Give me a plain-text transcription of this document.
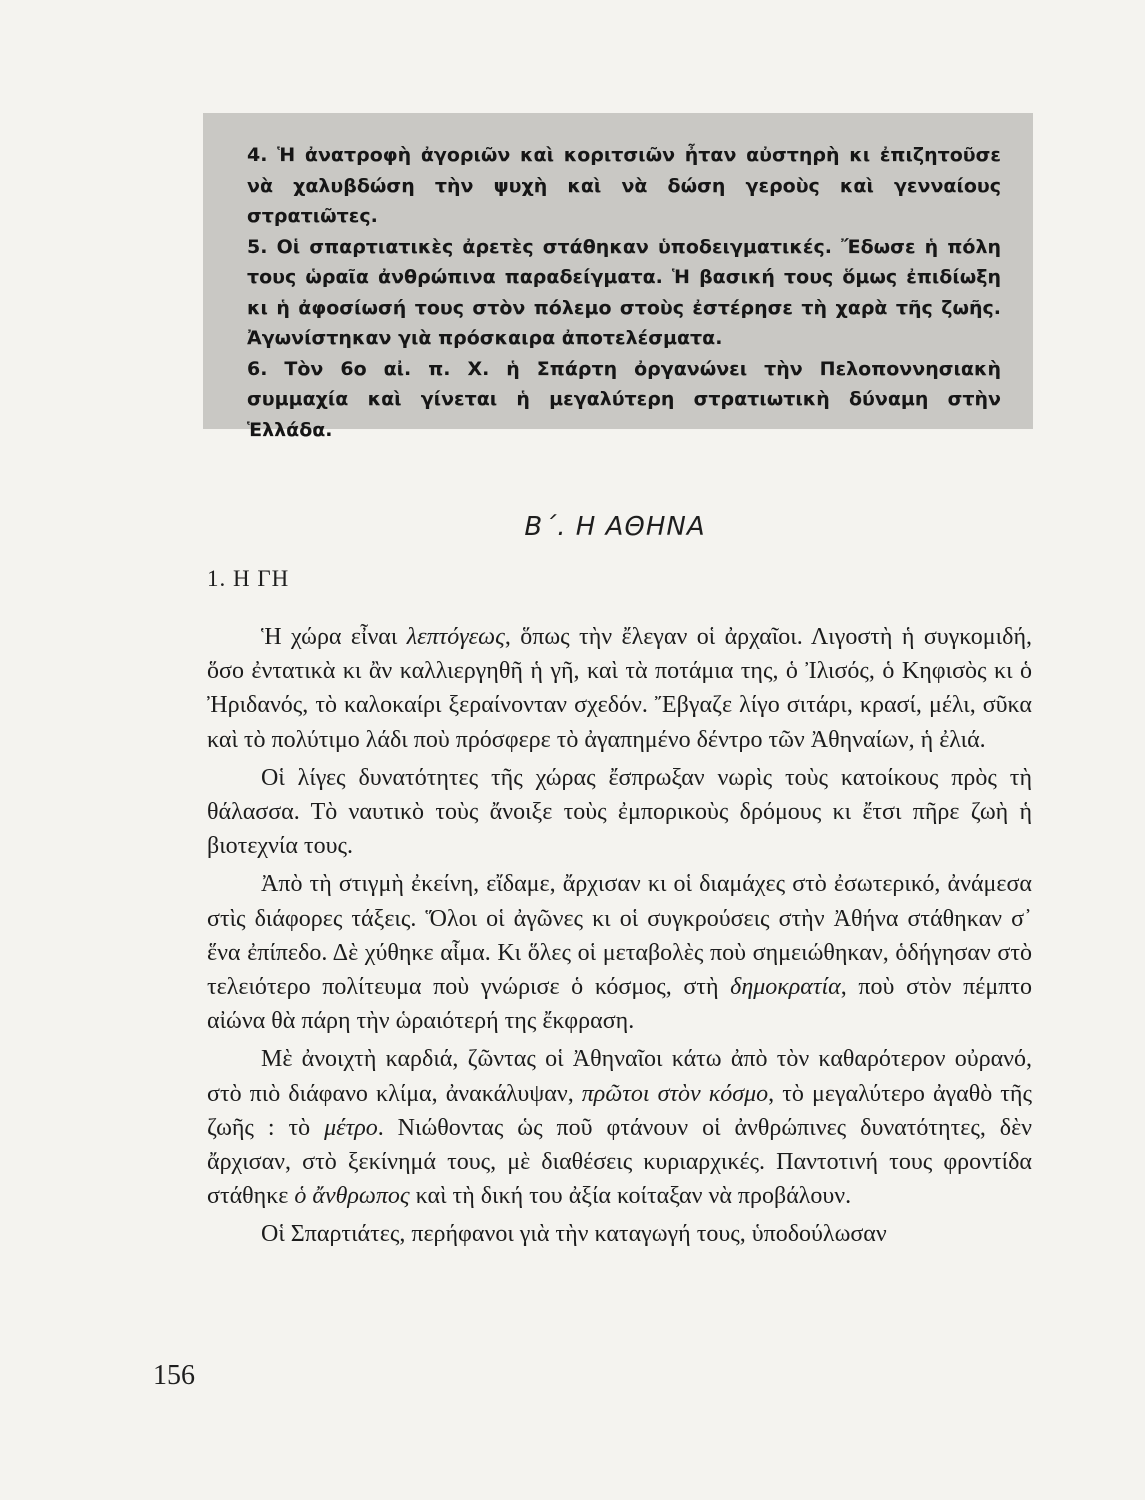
4. Ἡ ἀνατροφὴ ἀγοριῶν καὶ κοριτσιῶν ἦταν αὐστηρὴ κι ἐπιζητοῦσε νὰ χαλυβδώση τὴν ψυχὴ καὶ νὰ δώση γεροὺς καὶ γενναίους στρατιῶτες.

5. Οἱ σπαρτιατικὲς ἀρετὲς στάθηκαν ὑποδειγματικές. Ἔδωσε ἡ πόλη τους ὡραῖα ἀνθρώπινα παραδείγματα. Ἡ βασική τους ὅμως ἐπιδίωξη κι ἡ ἀφοσίωσή τους στὸν πόλεμο στοὺς ἐστέρησε τὴ χαρὰ τῆς ζωῆς. Ἀγωνίστηκαν γιὰ πρόσκαιρα ἀποτελέσματα.

6. Τὸν 6ο αἰ. π. Χ. ἡ Σπάρτη ὀργανώνει τὴν Πελοποννησιακὴ συμμαχία καὶ γίνεται ἡ μεγαλύτερη στρατιωτικὴ δύναμη στὴν Ἑλλάδα.

Β΄. Η ΑΘΗΝΑ
1. Η ΓΗ

Ἡ χώρα εἶναι λεπτόγεως, ὅπως τὴν ἔλεγαν οἱ ἀρχαῖοι. Λιγοστὴ ἡ συγκομιδή, ὅσο ἐντατικὰ κι ἂν καλλιεργηθῆ ἡ γῆ, καὶ τὰ ποτάμια της, ὁ Ἰλισός, ὁ Κηφισὸς κι ὁ Ἠριδανός, τὸ καλοκαίρι ξεραίνονταν σχεδόν. Ἔβγαζε λίγο σιτάρι, κρασί, μέλι, σῦκα καὶ τὸ πολύτιμο λάδι ποὺ πρόσφερε τὸ ἀγαπημένο δέντρο τῶν Ἀθηναίων, ἡ ἐλιά.

Οἱ λίγες δυνατότητες τῆς χώρας ἔσπρωξαν νωρὶς τοὺς κατοίκους πρὸς τὴ θάλασσα. Τὸ ναυτικὸ τοὺς ἄνοιξε τοὺς ἐμπορικοὺς δρόμους κι ἔτσι πῆρε ζωὴ ἡ βιοτεχνία τους.

Ἀπὸ τὴ στιγμὴ ἐκείνη, εἴδαμε, ἄρχισαν κι οἱ διαμάχες στὸ ἐσωτερικό, ἀνάμεσα στὶς διάφορες τάξεις. Ὅλοι οἱ ἀγῶνες κι οἱ συγκρούσεις στὴν Ἀθήνα στάθηκαν σ᾽ ἕνα ἐπίπεδο. Δὲ χύθηκε αἷμα. Κι ὅλες οἱ μεταβολὲς ποὺ σημειώθηκαν, ὁδήγησαν στὸ τελειότερο πολίτευμα ποὺ γνώρισε ὁ κόσμος, στὴ δημοκρατία, ποὺ στὸν πέμπτο αἰώνα θὰ πάρη τὴν ὡραιότερή της ἔκφραση.

Μὲ ἀνοιχτὴ καρδιά, ζῶντας οἱ Ἀθηναῖοι κάτω ἀπὸ τὸν καθαρότερον οὐρανό, στὸ πιὸ διάφανο κλίμα, ἀνακάλυψαν, πρῶτοι στὸν κόσμο, τὸ μεγαλύτερο ἀγαθὸ τῆς ζωῆς : τὸ μέτρο. Νιώθοντας ὡς ποῦ φτάνουν οἱ ἀνθρώπινες δυνατότητες, δὲν ἄρχισαν, στὸ ξεκίνημά τους, μὲ διαθέσεις κυριαρχικές. Παντοτινή τους φροντίδα στάθηκε ὁ ἄνθρωπος καὶ τὴ δική του ἀξία κοίταξαν νὰ προβάλουν.

Οἱ Σπαρτιάτες, περήφανοι γιὰ τὴν καταγωγή τους, ὑποδούλωσαν

156
